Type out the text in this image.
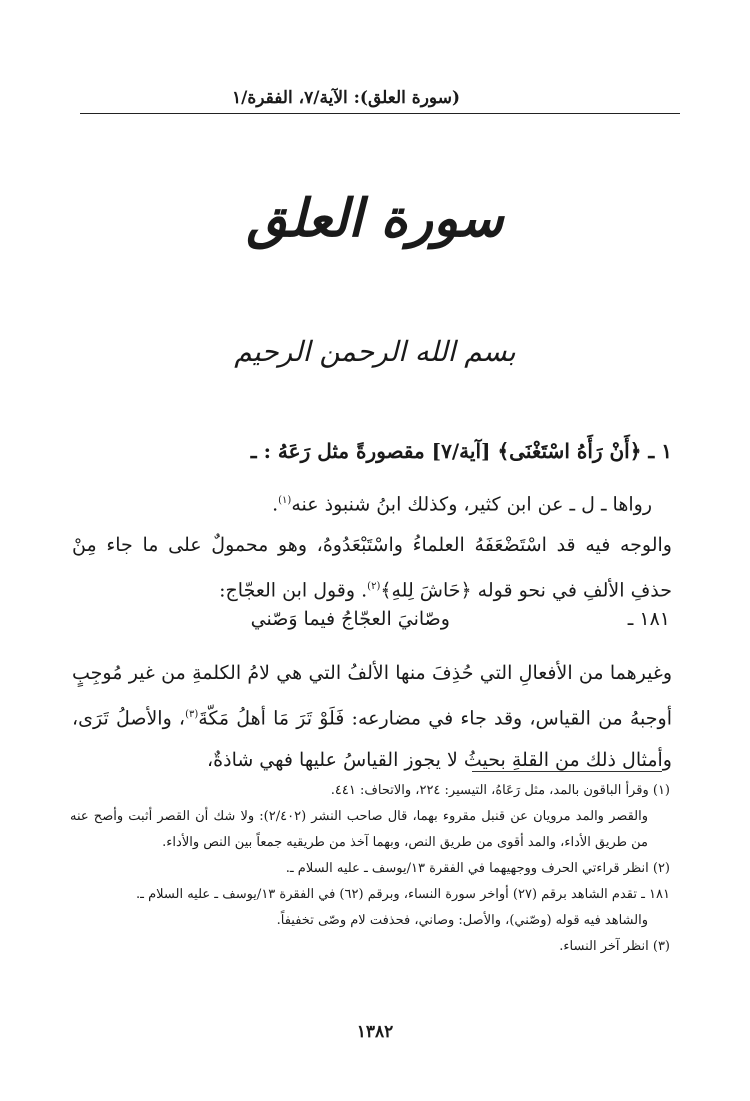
(سورة العلق): الآية/٧، الفقرة/١
سورة العلق
بسم الله الرحمن الرحيم
١ ـ ﴿أَنْ رَأَهُ اسْتَغْنَى﴾ [آية/٧] مقصورةً مثل رَعَهُ : ـ
رواها ـ ل ـ عن ابن كثير، وكذلك ابنُ شنبوذ عنه$^{(١)}$.
والوجه فيه قد اسْتَضْعَفَهُ العلماءُ واسْتَبْعَدُوهُ، وهو محمولٌ على ما جاء مِنْ حذفِ الألفِ في نحو قوله ﴿حَاشَ لِلهِ﴾$^{(٢)}$. وقول ابن العجّاج:
١٨١ ـ
وصّانيَ العجّاجُ فيما وَصّني
وغيرهما من الأفعالِ التي حُذِفَ منها الألفُ التي هي لامُ الكلمةِ من غير مُوجِبٍ أوجبهُ من القياس، وقد جاء في مضارعه: فَلَوْ تَرَ مَا أهلُ مَكّةَ$^{(٣)}$، والأصلُ تَرَى، وأمثال ذلك من القلةِ بحيثُ لا يجوز القياسُ عليها فهي شاذةٌ،

(١) وقرأ الباقون بالمد، مثل رَعَاهُ، التيسير: ٢٢٤، والاتحاف: ٤٤١.

والقصر والمد مرويان عن قنبل مقروء بهما، قال صاحب النشر (٢/٤٠٢): ولا شك أن القصر أثبت وأصح عنه من طريق الأداء، والمد أقوى من طريق النص، وبهما آخذ من طريقيه جمعاً بين النص والأداء.

(٢) انظر قراءتي الحرف ووجهيهما في الفقرة ١٣/يوسف ـ عليه السلام ـ.

١٨١ ـ تقدم الشاهد برقم (٢٧) أواخر سورة النساء، وبرقم (٦٢) في الفقرة ١٣/يوسف ـ عليه السلام ـ.

والشاهد فيه قوله (وصّني)، والأصل: وصاني، فحذفت لام وصّى تخفيفاً.

(٣) انظر آخر النساء.

١٣٨٢
